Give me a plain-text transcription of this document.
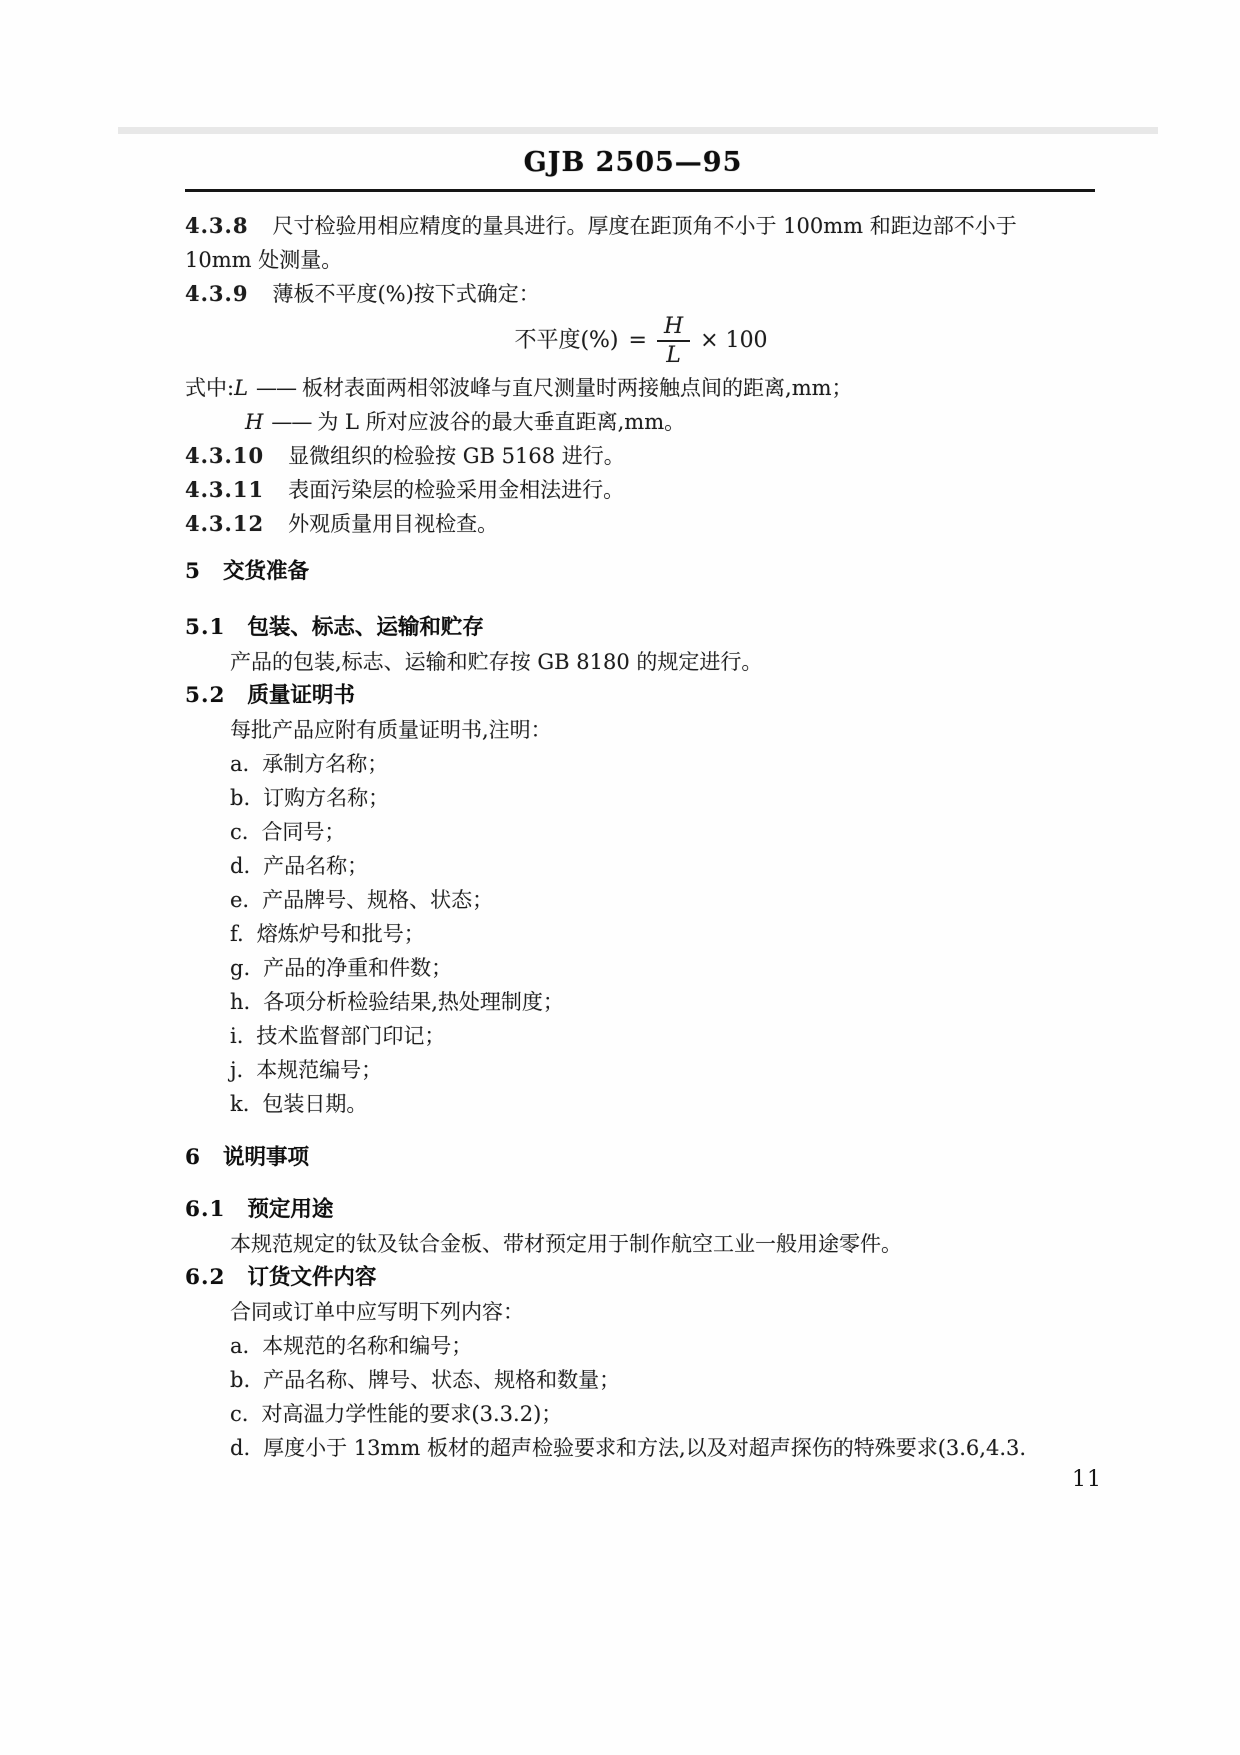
GJB 2505—95
4.3.8 尺寸检验用相应精度的量具进行。厚度在距顶角不小于 100mm 和距边部不小于
10mm 处测量。
4.3.9 薄板不平度(%)按下式确定：
不平度(%) = $\frac{H}{L} \times 100$
式中:L —— 板材表面两相邻波峰与直尺测量时两接触点间的距离,mm；
H —— 为 L 所对应波谷的最大垂直距离,mm。
4.3.10 显微组织的检验按 GB 5168 进行。
4.3.11 表面污染层的检验采用金相法进行。
4.3.12 外观质量用目视检查。
5 交货准备
5.1 包装、标志、运输和贮存
产品的包装,标志、运输和贮存按 GB 8180 的规定进行。
5.2 质量证明书
每批产品应附有质量证明书,注明：
a. 承制方名称；
b. 订购方名称；
c. 合同号；
d. 产品名称；
e. 产品牌号、规格、状态；
f. 熔炼炉号和批号；
g. 产品的净重和件数；
h. 各项分析检验结果,热处理制度；
i. 技术监督部门印记；
j. 本规范编号；
k. 包装日期。
6 说明事项
6.1 预定用途
本规范规定的钛及钛合金板、带材预定用于制作航空工业一般用途零件。
6.2 订货文件内容
合同或订单中应写明下列内容：
a. 本规范的名称和编号；
b. 产品名称、牌号、状态、规格和数量；
c. 对高温力学性能的要求(3.3.2)；
d. 厚度小于 13mm 板材的超声检验要求和方法,以及对超声探伤的特殊要求(3.6,4.3.
11
